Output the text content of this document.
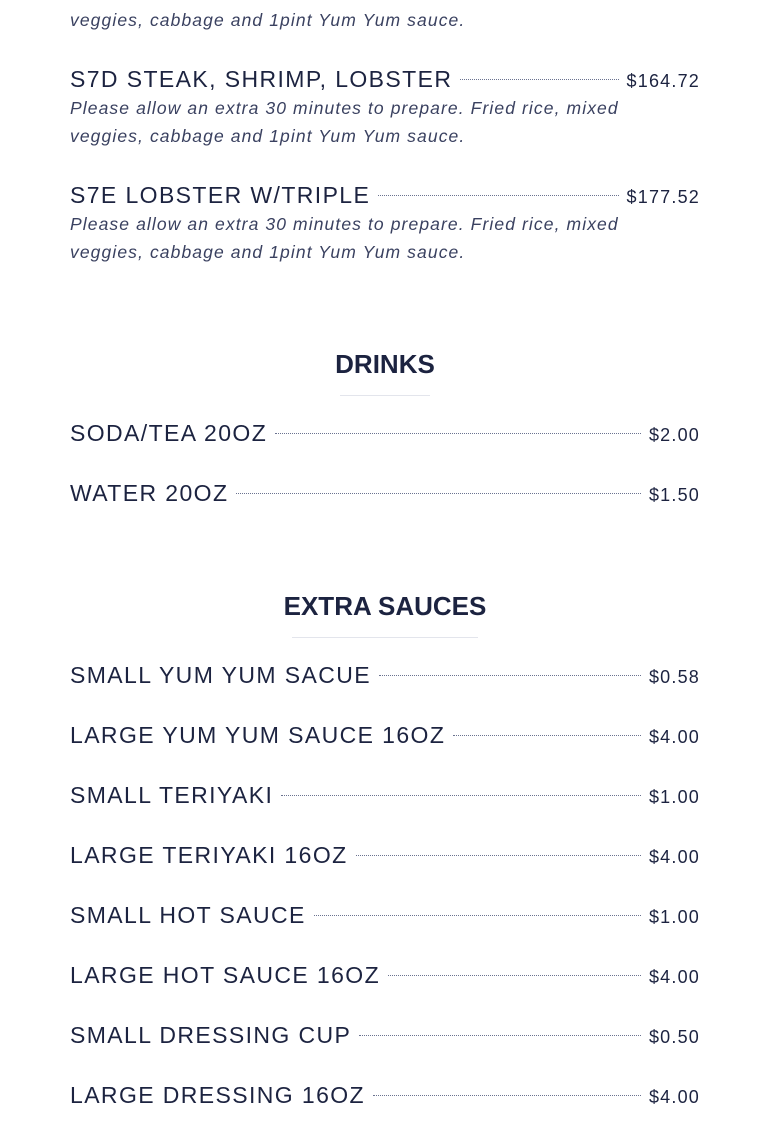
veggies, cabbage and 1pint Yum Yum sauce.
S7D STEAK, SHRIMP, LOBSTER	$164.72
Please allow an extra 30 minutes to prepare. Fried rice, mixed
veggies, cabbage and 1pint Yum Yum sauce.
S7E LOBSTER W/TRIPLE	$177.52
Please allow an extra 30 minutes to prepare. Fried rice, mixed
veggies, cabbage and 1pint Yum Yum sauce.
DRINKS
SODA/TEA 20OZ	$2.00
WATER 20OZ	$1.50
EXTRA SAUCES
SMALL YUM YUM SACUE	$0.58
LARGE YUM YUM SAUCE 16OZ	$4.00
SMALL TERIYAKI	$1.00
LARGE TERIYAKI 16OZ	$4.00
SMALL HOT SAUCE	$1.00
LARGE HOT SAUCE 16OZ	$4.00
SMALL DRESSING CUP	$0.50
LARGE DRESSING 16OZ	$4.00
